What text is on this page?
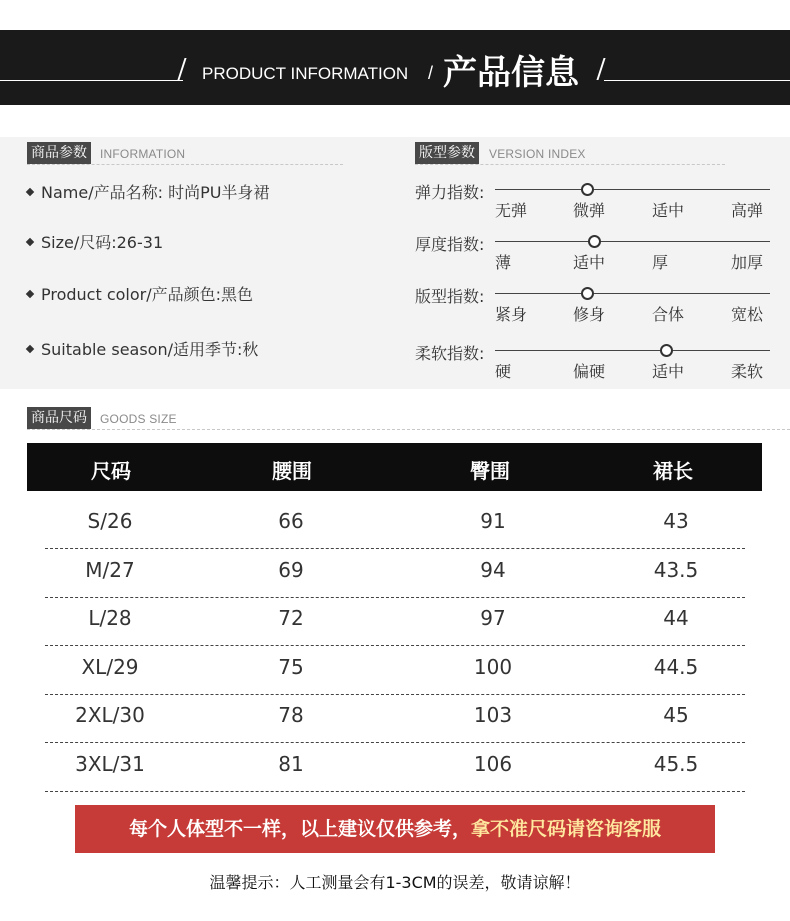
PRODUCT INFORMATION / 产品信息
商品参数	INFORMATION
Name/产品名称: 时尚PU半身裙
Size/尺码:26-31
Product color/产品颜色:黑色
Suitable season/适用季节:秋
版型参数	VERSION INDEX
弹力指数:
无弹	微弹	适中	高弹
厚度指数:
薄	适中	厚	加厚
版型指数:
紧身	修身	合体	宽松
柔软指数:
硬	偏硬	适中	柔软
商品尺码	GOODS SIZE
尺码	腰围	臀围	裙长
S/26	66	91	43
M/27	69	94	43.5
L/28	72	97	44
XL/29	75	100	44.5
2XL/30	78	103	45
3XL/31	81	106	45.5
每个人体型不一样，以上建议仅供参考，拿不准尺码请咨询客服
温馨提示：人工测量会有1-3CM的误差，敬请谅解！
